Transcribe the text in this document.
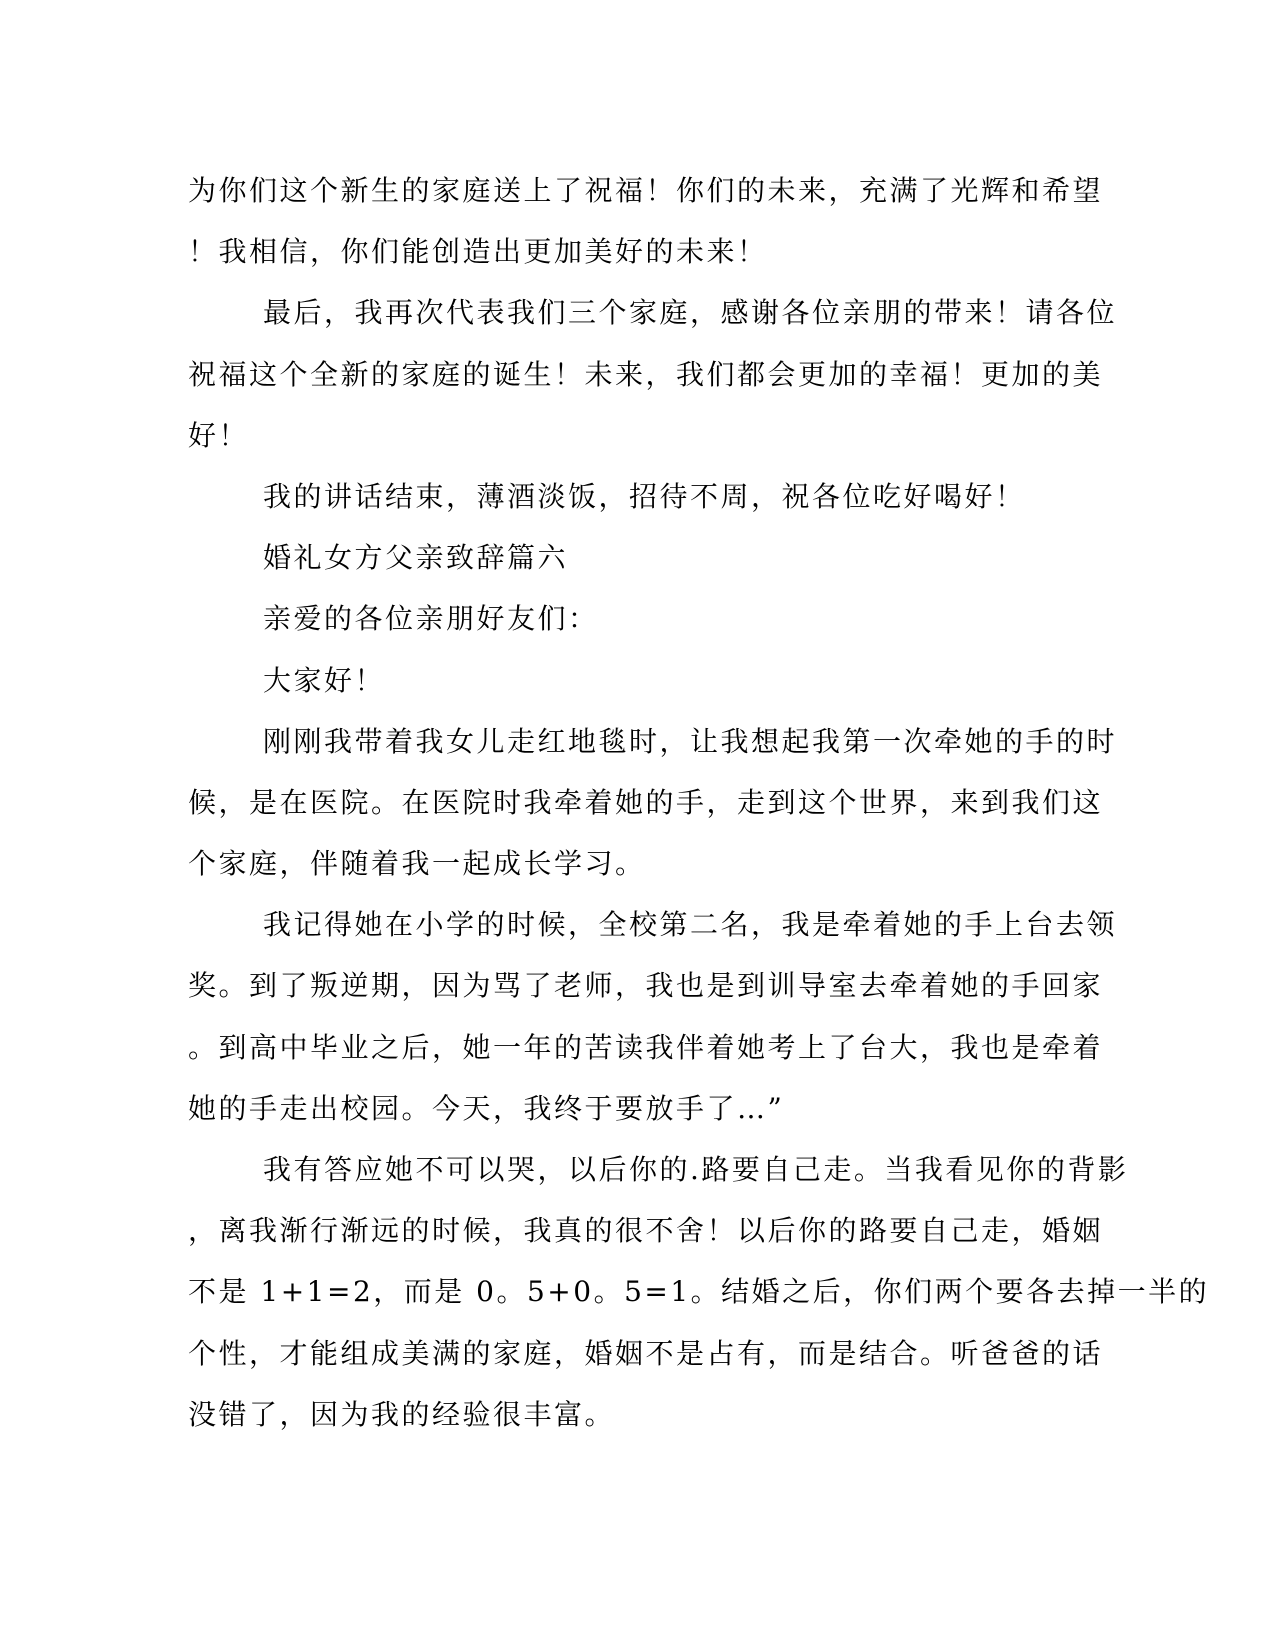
为你们这个新生的家庭送上了祝福！你们的未来，充满了光辉和希望
！我相信，你们能创造出更加美好的未来！
最后，我再次代表我们三个家庭，感谢各位亲朋的带来！请各位
祝福这个全新的家庭的诞生！未来，我们都会更加的幸福！更加的美
好！
我的讲话结束，薄酒淡饭，招待不周，祝各位吃好喝好！
婚礼女方父亲致辞篇六
亲爱的各位亲朋好友们：
大家好！
刚刚我带着我女儿走红地毯时，让我想起我第一次牵她的手的时
候，是在医院。在医院时我牵着她的手，走到这个世界，来到我们这
个家庭，伴随着我一起成长学习。
我记得她在小学的时候，全校第二名，我是牵着她的手上台去领
奖。到了叛逆期，因为骂了老师，我也是到训导室去牵着她的手回家
。到高中毕业之后，她一年的苦读我伴着她考上了台大，我也是牵着
她的手走出校园。今天，我终于要放手了…”
我有答应她不可以哭，以后你的.路要自己走。当我看见你的背影
，离我渐行渐远的时候，我真的很不舍！以后你的路要自己走，婚姻
不是 1+1=2，而是 0。5+0。5=1。结婚之后，你们两个要各去掉一半的
个性，才能组成美满的家庭，婚姻不是占有，而是结合。听爸爸的话
没错了，因为我的经验很丰富。
